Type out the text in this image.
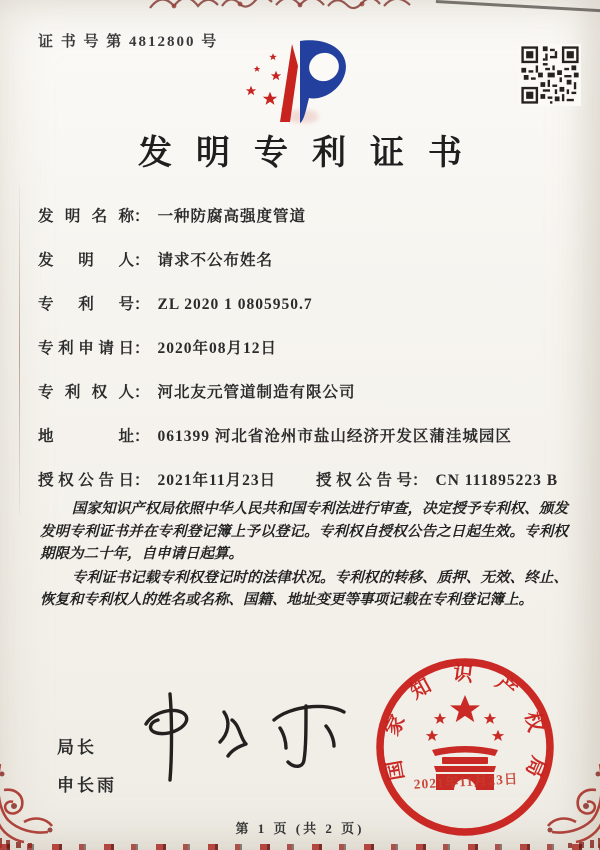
证 书 号 第 4812800 号
发明专利证书
发明名称： 一种防腐高强度管道
发明人： 请求不公布姓名
专利号： ZL 2020 1 0805950.7
专利申请日： 2020年08月12日
专利权人： 河北友元管道制造有限公司
地址： 061399 河北省沧州市盐山经济开发区蒲洼城园区
授权公告日： 2021年11月23日	授权公告号： CN 111895223 B

国家知识产权局依照中华人民共和国专利法进行审查，决定授予专利权、颁发发明专利证书并在专利登记簿上予以登记。专利权自授权公告之日起生效。专利权期限为二十年，自申请日起算。

专利证书记载专利权登记时的法律状况。专利权的转移、质押、无效、终止、恢复和专利权人的姓名或名称、国籍、地址变更等事项记载在专利登记簿上。

局长
申长雨
国家知识产权局
2021年11月23日
第 1 页 (共 2 页)
